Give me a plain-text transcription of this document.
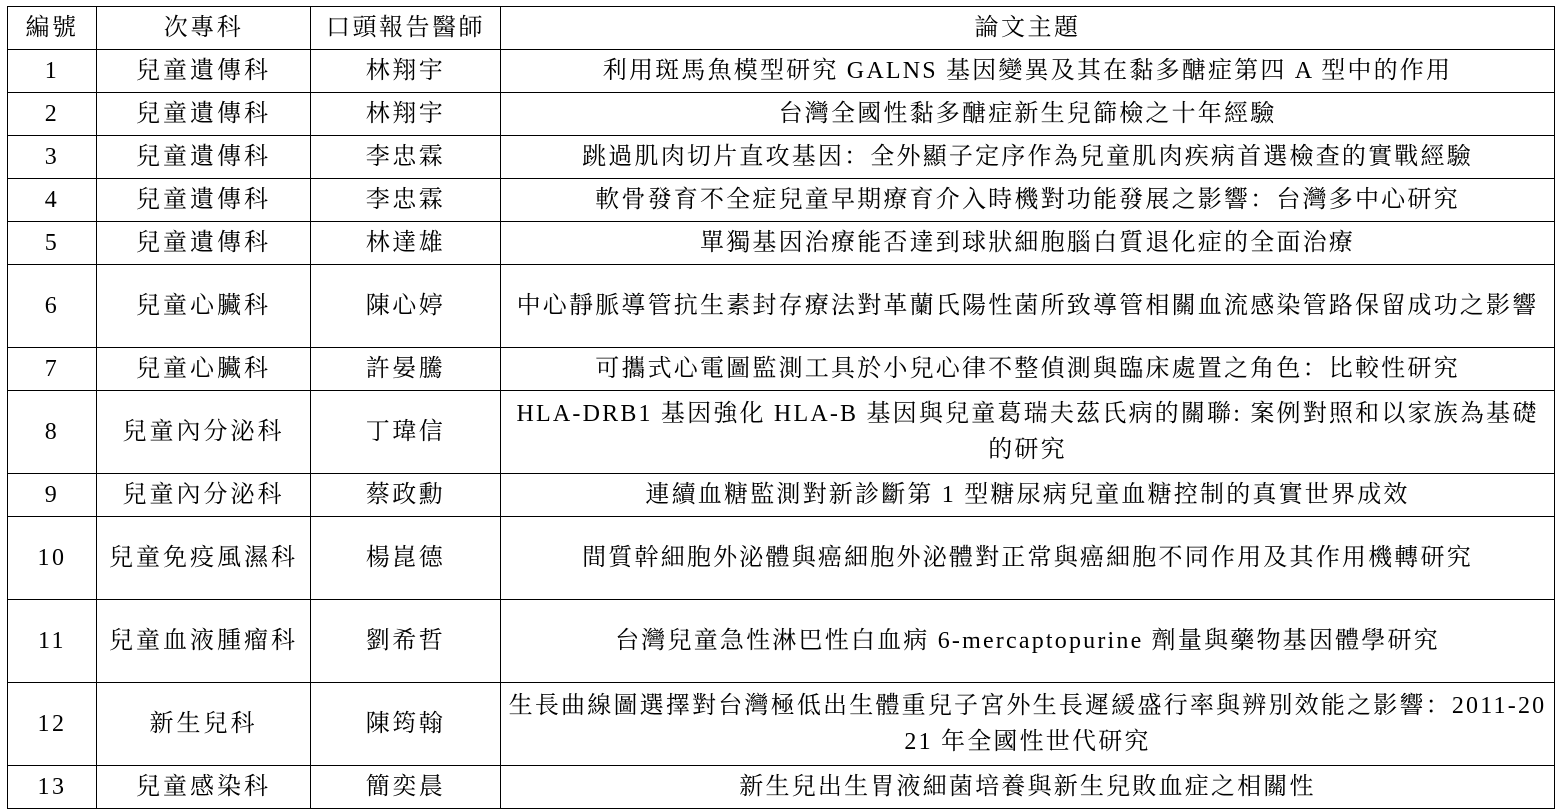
編號	次專科	口頭報告醫師	論文主題
1	兒童遺傳科	林翔宇	利用斑馬魚模型研究 GALNS 基因變異及其在黏多醣症第四 A 型中的作用
2	兒童遺傳科	林翔宇	台灣全國性黏多醣症新生兒篩檢之十年經驗
3	兒童遺傳科	李忠霖	跳過肌肉切片直攻基因：全外顯子定序作為兒童肌肉疾病首選檢查的實戰經驗
4	兒童遺傳科	李忠霖	軟骨發育不全症兒童早期療育介入時機對功能發展之影響：台灣多中心研究
5	兒童遺傳科	林達雄	單獨基因治療能否達到球狀細胞腦白質退化症的全面治療
6	兒童心臟科	陳心婷	中心靜脈導管抗生素封存療法對革蘭氏陽性菌所致導管相關血流感染管路保留成功之影響
7	兒童心臟科	許晏騰	可攜式心電圖監測工具於小兒心律不整偵測與臨床處置之角色：比較性研究
8	兒童內分泌科	丁瑋信	HLA-DRB1 基因強化 HLA-B 基因與兒童葛瑞夫茲氏病的關聯: 案例對照和以家族為基礎的研究
9	兒童內分泌科	蔡政勳	連續血糖監測對新診斷第 1 型糖尿病兒童血糖控制的真實世界成效
10	兒童免疫風濕科	楊崑德	間質幹細胞外泌體與癌細胞外泌體對正常與癌細胞不同作用及其作用機轉研究
11	兒童血液腫瘤科	劉希哲	台灣兒童急性淋巴性白血病 6-mercaptopurine 劑量與藥物基因體學研究
12	新生兒科	陳筠翰	生長曲線圖選擇對台灣極低出生體重兒子宮外生長遲緩盛行率與辨別效能之影響：2011-2021 年全國性世代研究
13	兒童感染科	簡奕晨	新生兒出生胃液細菌培養與新生兒敗血症之相關性
